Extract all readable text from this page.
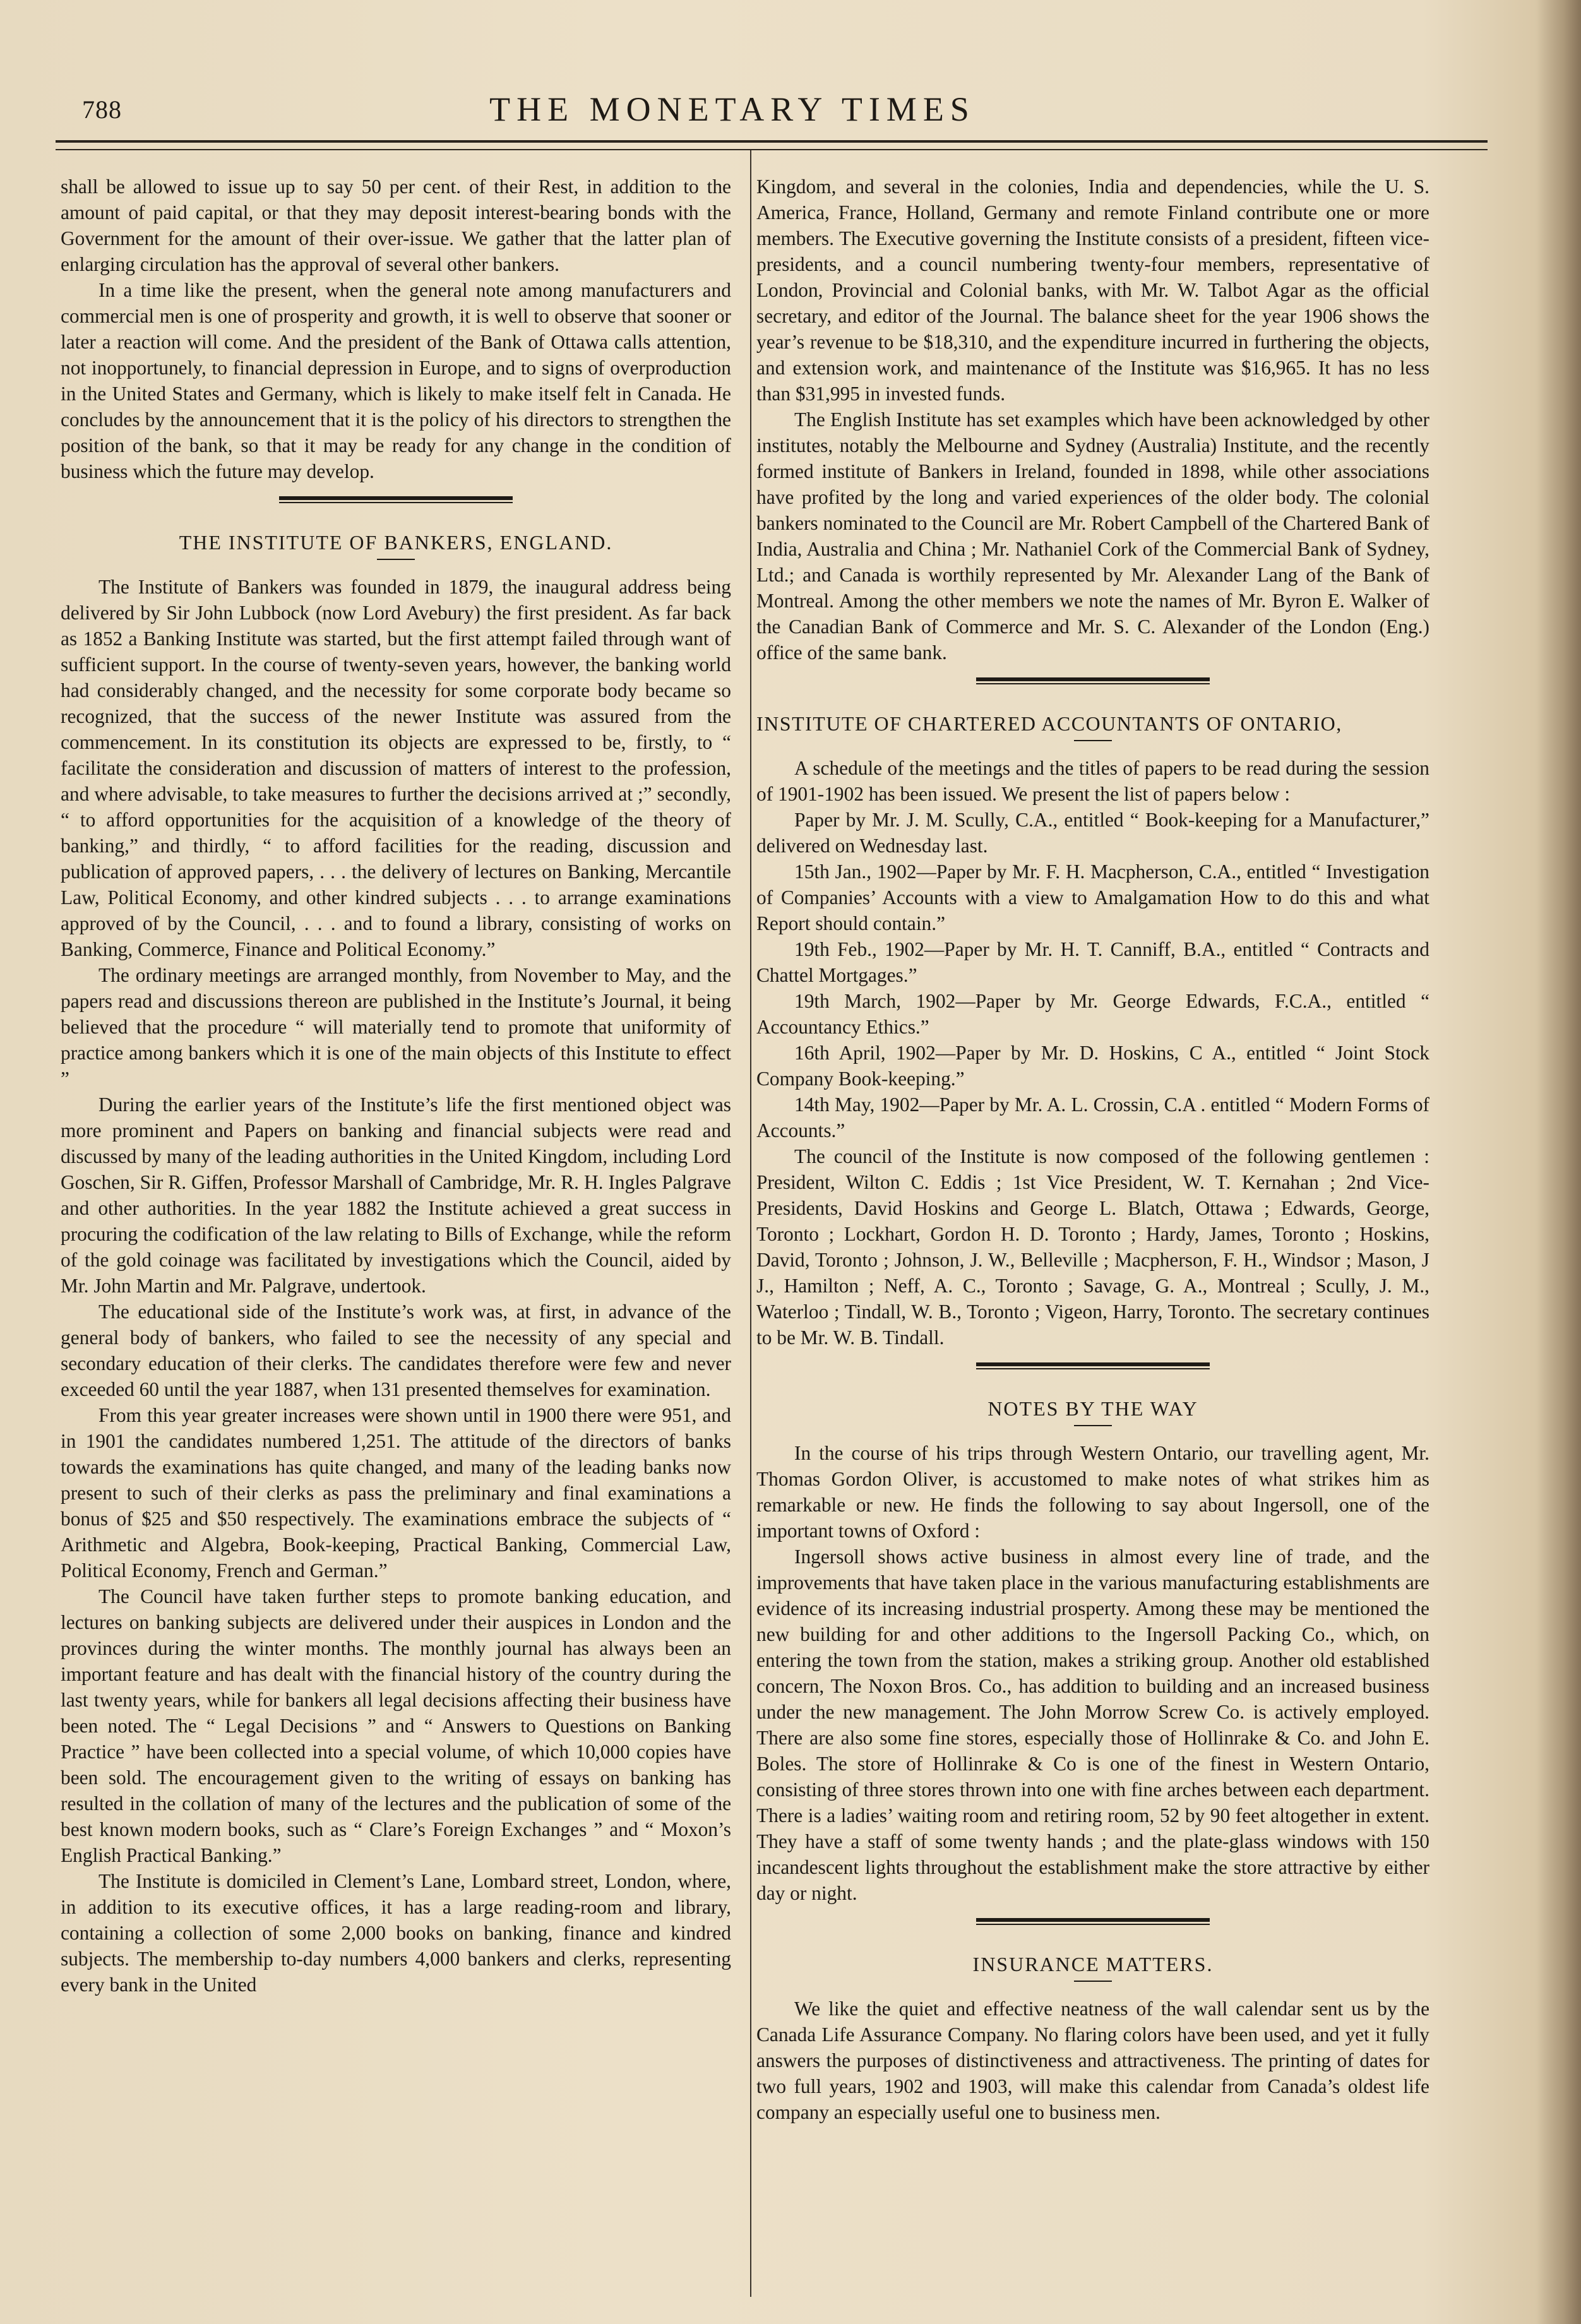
788	THE MONETARY TIMES

shall be allowed to issue up to say 50 per cent. of their Rest, in addition to the amount of paid capital, or that they may deposit interest-bearing bonds with the Government for the amount of their over-issue. We gather that the latter plan of enlarging circulation has the approval of several other bankers.

In a time like the present, when the general note among manufacturers and commercial men is one of prosperity and growth, it is well to observe that sooner or later a reaction will come. And the president of the Bank of Ottawa calls attention, not inopportunely, to financial depression in Europe, and to signs of overproduction in the United States and Germany, which is likely to make itself felt in Canada. He concludes by the announcement that it is the policy of his directors to strengthen the position of the bank, so that it may be ready for any change in the condition of business which the future may develop.

THE INSTITUTE OF BANKERS, ENGLAND.

The Institute of Bankers was founded in 1879, the inaugural address being delivered by Sir John Lubbock (now Lord Avebury) the first president. As far back as 1852 a Banking Institute was started, but the first attempt failed through want of sufficient support. In the course of twenty-seven years, however, the banking world had considerably changed, and the necessity for some corporate body became so recognized, that the success of the newer Institute was assured from the commencement. In its constitution its objects are expressed to be, firstly, to “ facilitate the consideration and discussion of matters of interest to the profession, and where advisable, to take measures to further the decisions arrived at ;” secondly, “ to afford opportunities for the acquisition of a knowledge of the theory of banking,” and thirdly, “ to afford facilities for the reading, discussion and publication of approved papers, . . . the delivery of lectures on Banking, Mercantile Law, Political Economy, and other kindred subjects . . . to arrange examinations approved of by the Council, . . . and to found a library, consisting of works on Banking, Commerce, Finance and Political Economy.”

The ordinary meetings are arranged monthly, from November to May, and the papers read and discussions thereon are published in the Institute’s Journal, it being believed that the procedure “ will materially tend to promote that uniformity of practice among bankers which it is one of the main objects of this Institute to effect ”

During the earlier years of the Institute’s life the first mentioned object was more prominent and Papers on banking and financial subjects were read and discussed by many of the leading authorities in the United Kingdom, including Lord Goschen, Sir R. Giffen, Professor Marshall of Cambridge, Mr. R. H. Ingles Palgrave and other authorities. In the year 1882 the Institute achieved a great success in procuring the codification of the law relating to Bills of Exchange, while the reform of the gold coinage was facilitated by investigations which the Council, aided by Mr. John Martin and Mr. Palgrave, undertook.

The educational side of the Institute’s work was, at first, in advance of the general body of bankers, who failed to see the necessity of any special and secondary education of their clerks. The candidates therefore were few and never exceeded 60 until the year 1887, when 131 presented themselves for examination.

From this year greater increases were shown until in 1900 there were 951, and in 1901 the candidates numbered 1,251. The attitude of the directors of banks towards the examinations has quite changed, and many of the leading banks now present to such of their clerks as pass the preliminary and final examinations a bonus of $25 and $50 respectively. The examinations embrace the subjects of “ Arithmetic and Algebra, Book-keeping, Practical Banking, Commercial Law, Political Economy, French and German.”

The Council have taken further steps to promote banking education, and lectures on banking subjects are delivered under their auspices in London and the provinces during the winter months. The monthly journal has always been an important feature and has dealt with the financial history of the country during the last twenty years, while for bankers all legal decisions affecting their business have been noted. The “ Legal Decisions ” and “ Answers to Questions on Banking Practice ” have been collected into a special volume, of which 10,000 copies have been sold. The encouragement given to the writing of essays on banking has resulted in the collation of many of the lectures and the publication of some of the best known modern books, such as “ Clare’s Foreign Exchanges ” and “ Moxon’s English Practical Banking.”

The Institute is domiciled in Clement’s Lane, Lombard street, London, where, in addition to its executive offices, it has a large reading-room and library, containing a collection of some 2,000 books on banking, finance and kindred subjects. The membership to-day numbers 4,000 bankers and clerks, representing every bank in the United

Kingdom, and several in the colonies, India and dependencies, while the U. S. America, France, Holland, Germany and remote Finland contribute one or more members. The Executive governing the Institute consists of a president, fifteen vice-presidents, and a council numbering twenty-four members, representative of London, Provincial and Colonial banks, with Mr. W. Talbot Agar as the official secretary, and editor of the Journal. The balance sheet for the year 1906 shows the year’s revenue to be $18,310, and the expenditure incurred in furthering the objects, and extension work, and maintenance of the Institute was $16,965. It has no less than $31,995 in invested funds.

The English Institute has set examples which have been acknowledged by other institutes, notably the Melbourne and Sydney (Australia) Institute, and the recently formed institute of Bankers in Ireland, founded in 1898, while other associations have profited by the long and varied experiences of the older body. The colonial bankers nominated to the Council are Mr. Robert Campbell of the Chartered Bank of India, Australia and China ; Mr. Nathaniel Cork of the Commercial Bank of Sydney, Ltd.; and Canada is worthily represented by Mr. Alexander Lang of the Bank of Montreal. Among the other members we note the names of Mr. Byron E. Walker of the Canadian Bank of Commerce and Mr. S. C. Alexander of the London (Eng.) office of the same bank.

INSTITUTE OF CHARTERED ACCOUNTANTS OF ONTARIO,

A schedule of the meetings and the titles of papers to be read during the session of 1901-1902 has been issued. We present the list of papers below :

Paper by Mr. J. M. Scully, C.A., entitled “ Book-keeping for a Manufacturer,” delivered on Wednesday last.

15th Jan., 1902—Paper by Mr. F. H. Macpherson, C.A., entitled “ Investigation of Companies’ Accounts with a view to Amalgamation How to do this and what Report should contain.”

19th Feb., 1902—Paper by Mr. H. T. Canniff, B.A., entitled “ Contracts and Chattel Mortgages.”

19th March, 1902—Paper by Mr. George Edwards, F.C.A., entitled “ Accountancy Ethics.”

16th April, 1902—Paper by Mr. D. Hoskins, C A., entitled “ Joint Stock Company Book-keeping.”

14th May, 1902—Paper by Mr. A. L. Crossin, C.A . entitled “ Modern Forms of Accounts.”

The council of the Institute is now composed of the following gentlemen : President, Wilton C. Eddis ; 1st Vice President, W. T. Kernahan ; 2nd Vice-Presidents, David Hoskins and George L. Blatch, Ottawa ; Edwards, George, Toronto ; Lockhart, Gordon H. D. Toronto ; Hardy, James, Toronto ; Hoskins, David, Toronto ; Johnson, J. W., Belleville ; Macpherson, F. H., Windsor ; Mason, J J., Hamilton ; Neff, A. C., Toronto ; Savage, G. A., Montreal ; Scully, J. M., Waterloo ; Tindall, W. B., Toronto ; Vigeon, Harry, Toronto. The secretary continues to be Mr. W. B. Tindall.

NOTES BY THE WAY

In the course of his trips through Western Ontario, our travelling agent, Mr. Thomas Gordon Oliver, is accustomed to make notes of what strikes him as remarkable or new. He finds the following to say about Ingersoll, one of the important towns of Oxford :

Ingersoll shows active business in almost every line of trade, and the improvements that have taken place in the various manufacturing establishments are evidence of its increasing industrial prosperty. Among these may be mentioned the new building for and other additions to the Ingersoll Packing Co., which, on entering the town from the station, makes a striking group. Another old established concern, The Noxon Bros. Co., has addition to building and an increased business under the new management. The John Morrow Screw Co. is actively employed. There are also some fine stores, especially those of Hollinrake & Co. and John E. Boles. The store of Hollinrake & Co is one of the finest in Western Ontario, consisting of three stores thrown into one with fine arches between each department. There is a ladies’ waiting room and retiring room, 52 by 90 feet altogether in extent. They have a staff of some twenty hands ; and the plate-glass windows with 150 incandescent lights throughout the establishment make the store attractive by either day or night.

INSURANCE MATTERS.

We like the quiet and effective neatness of the wall calendar sent us by the Canada Life Assurance Company. No flaring colors have been used, and yet it fully answers the purposes of distinctiveness and attractiveness. The printing of dates for two full years, 1902 and 1903, will make this calendar from Canada’s oldest life company an especially useful one to business men.
